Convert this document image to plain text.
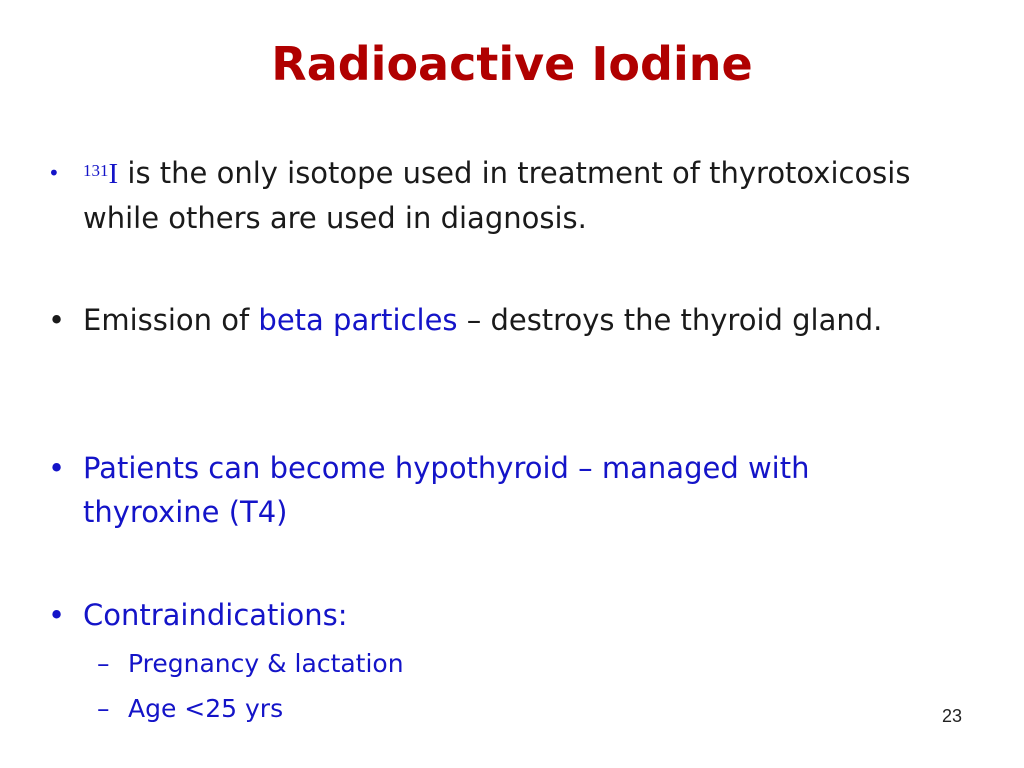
Radioactive Iodine
•	$^{131}$I is the only isotope used in treatment of thyrotoxicosis while others are used in diagnosis.
• Emission of beta particles – destroys the thyroid gland.
• Patients can become hypothyroid – managed with thyroxine (T4)
• Contraindications:
– Pregnancy & lactation
– Age <25 yrs	23
